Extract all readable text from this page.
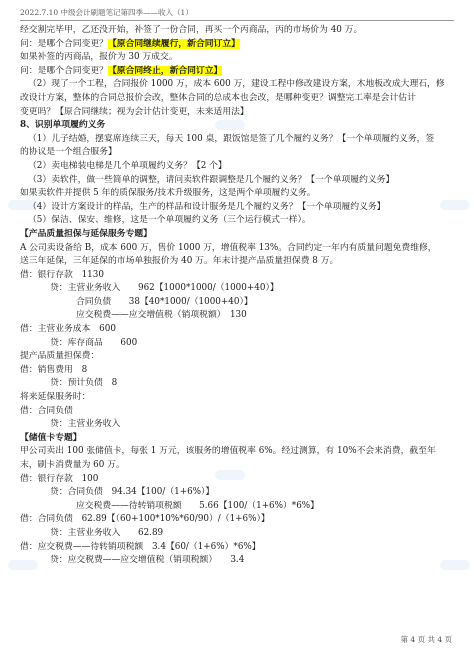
2022.7.10 中级会计刷题笔记第四季——收入（1）
经交割完毕甲，乙还没开始，补签了一份合同，再买一个丙商品，丙的市场价为 40 万。
问：是哪个合同变更？【原合同继续履行，新合同订立】
如果补签的丙商品，报价为 30 万成交。
问：是哪个合同变更？【原合同终止，新合同订立】
（2）现了一个工程，合同报价 1000 万，成本 600 万，建设工程中修改建设方案，木地板改成大理石，修
改设计方案，整体的合同总报价会改，整体合同的总成本也会改，是哪种变更？调整完工率是会计估计
变更吗？【原合同继续；视为会计估计变更，未来适用法】
8、识别单项履约义务
（1）儿子结婚，摆宴席连续三天，每天 100 桌，跟饭馆是签了几个履约义务？【一个单项履约义务，签
的协议是一个组合服务】
（2）卖电梯装电梯是几个单项履约义务？【2 个】
（3）卖软件，做一些简单的调整，请问卖软件跟调整是几个履约义务？【一个单项履约义务】
如果卖软件并提供 5 年的质保服务/技术升级服务，这是两个单项履约义务。
（4）设计方案设计的样品，生产的样品和设计服务是几个履约义务？【一个单项履约义务】
（5）保洁、保安、维修，这是一个单项履约义务（三个运行模式一样）。
【产品质量担保与延保服务专题】
A 公司卖设备给 B，成本 600 万，售价 1000 万，增值税率 13%。合同约定一年内有质量问题免费维修，
送三年延保，三年延保的市场单独报价为 40 万。年末计提产品质量担保费 8 万。
借：银行存款　1130
贷：主营业务收入　　962【1000*1000/（1000+40）】
合同负债　　38【40*1000/（1000+40）】
应交税费——应交增值税（销项税额）　130
借：主营业务成本　600
贷：库存商品　　600
提产品质量担保费：
借：销售费用　8
贷：预计负债　8
将来延保服务时：
借：合同负债
贷：主营业务收入
【储值卡专题】
甲公司卖出 100 张储值卡，每张 1 万元，该服务的增值税率 6%。经过测算，有 10%不会来消费，截至年
末，刷卡消费量为 60 万。
借：银行存款　100
贷：合同负债　94.34【100/（1+6%）】
应交税费——待转销项税额　　5.66【100/（1+6%）*6%】
借：合同负债　62.89【（60+100*10%*60/90）/（1+6%）】
贷：主营业务收入　　62.89
借：应交税费——待转销项税额　3.4【60/（1+6%）*6%】
贷：应交税费——应交增值税（销项税额）　　3.4
第 4 页 共 4 页
